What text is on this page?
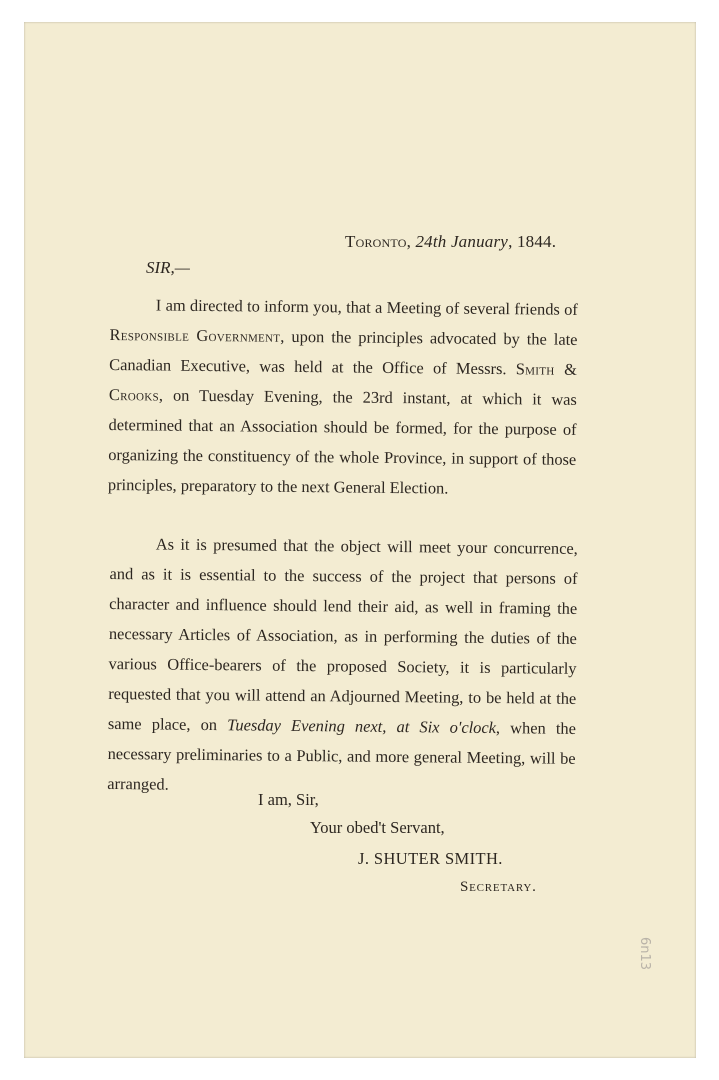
Toronto, 24th January, 1844.
SIR,—
I am directed to inform you, that a Meeting of several friends of Responsible Government, upon the principles advocated by the late Canadian Executive, was held at the Office of Messrs. Smith & Crooks, on Tuesday Evening, the 23rd instant, at which it was determined that an Association should be formed, for the purpose of organizing the constituency of the whole Province, in support of those principles, preparatory to the next General Election.
As it is presumed that the object will meet your concurrence, and as it is essential to the success of the project that persons of character and influence should lend their aid, as well in framing the necessary Articles of Association, as in performing the duties of the various Office-bearers of the proposed Society, it is particularly requested that you will attend an Adjourned Meeting, to be held at the same place, on Tuesday Evening next, at Six o'clock, when the necessary preliminaries to a Public, and more general Meeting, will be arranged.
I am, Sir,
Your obed't Servant,
J. SHUTER SMITH.
Secretary.
6n13
